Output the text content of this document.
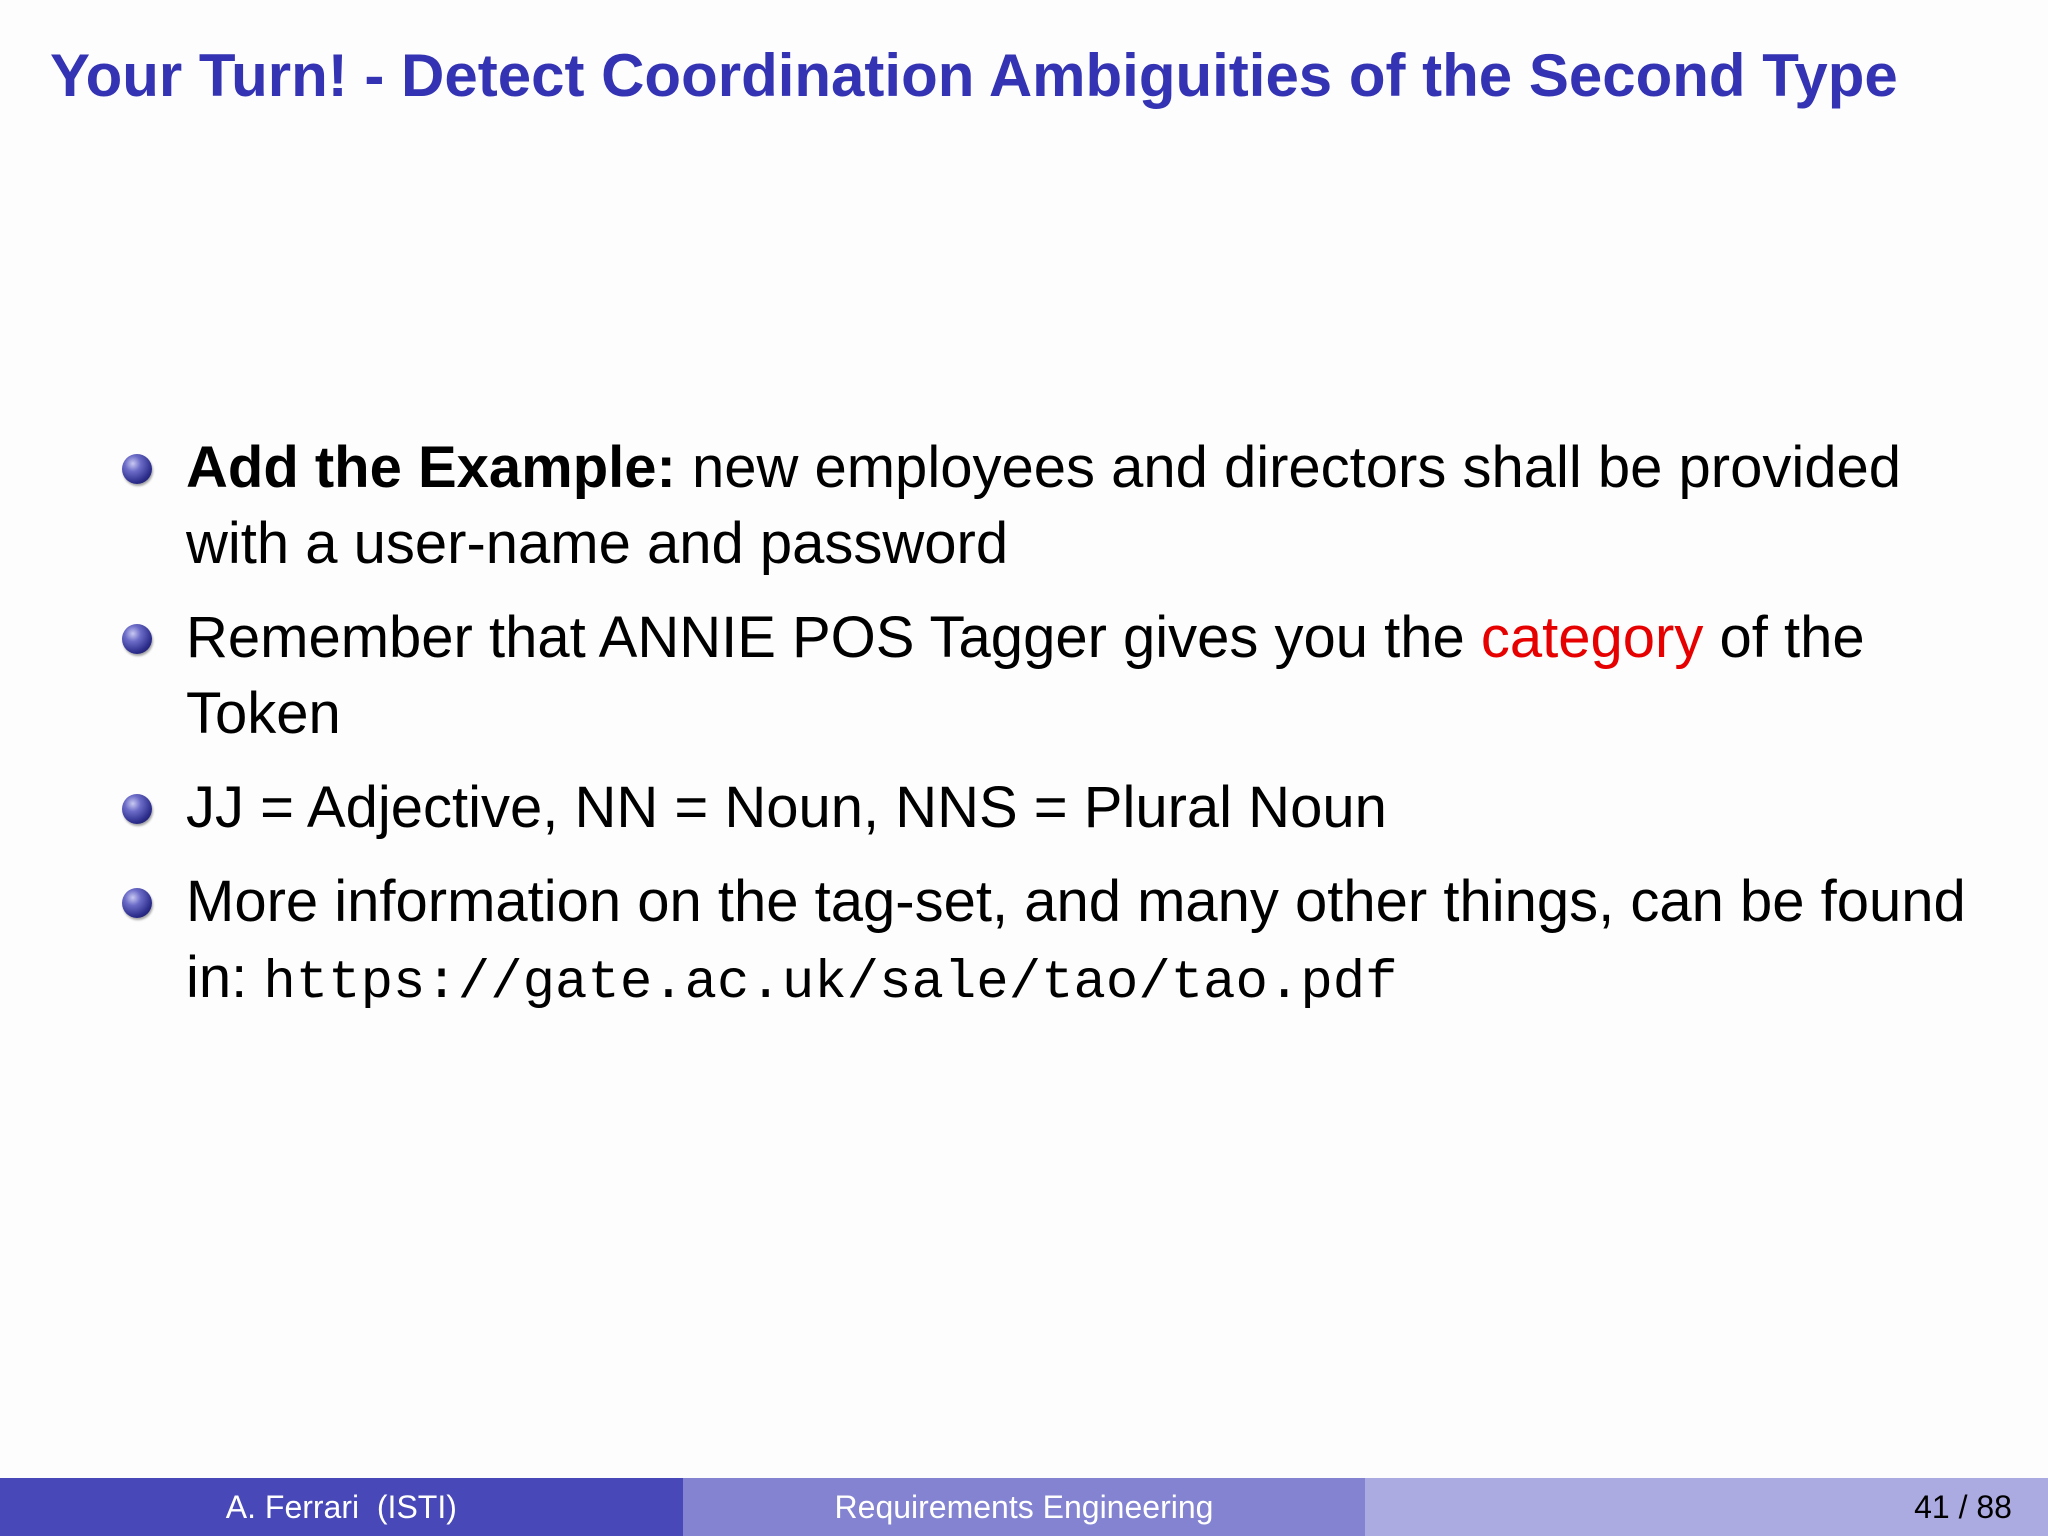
Your Turn! - Detect Coordination Ambiguities of the Second Type
Add the Example: new employees and directors shall be provided with a user-name and password
Remember that ANNIE POS Tagger gives you the category of the Token
JJ = Adjective, NN = Noun, NNS = Plural Noun
More information on the tag-set, and many other things, can be found in: https://gate.ac.uk/sale/tao/tao.pdf
A. Ferrari (ISTI)	Requirements Engineering	41 / 88
